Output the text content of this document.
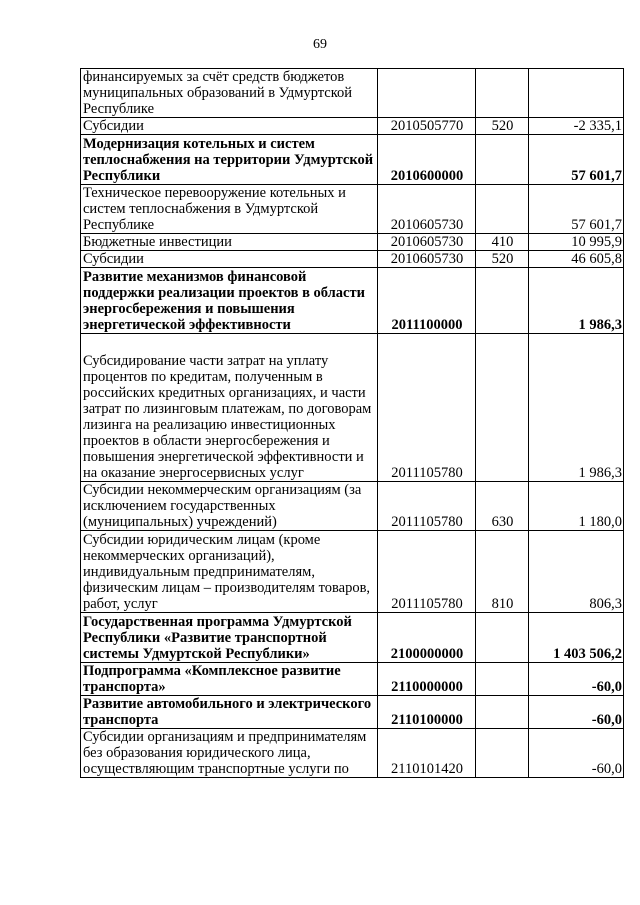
69
финансируемых за счёт средств бюджетов муниципальных образований в Удмуртской Республике			
Субсидии	2010505770	520	-2 335,1
Модернизация котельных и систем теплоснабжения на территории Удмуртской Республики	2010600000		57 601,7
Техническое перевооружение котельных и систем теплоснабжения в Удмуртской Республике	2010605730		57 601,7
Бюджетные инвестиции	2010605730	410	10 995,9
Субсидии	2010605730	520	46 605,8
Развитие механизмов финансовой поддержки реализации проектов в области энергосбережения и повышения энергетической эффективности	2011100000		1 986,3
Субсидирование части затрат на уплату процентов по кредитам, полученным в российских кредитных организациях, и части затрат по лизинговым платежам, по договорам лизинга на реализацию инвестиционных проектов в области энергосбережения и повышения энергетической эффективности и на оказание энергосервисных услуг	2011105780		1 986,3
Субсидии некоммерческим организациям (за исключением государственных (муниципальных) учреждений)	2011105780	630	1 180,0
Субсидии юридическим лицам (кроме некоммерческих организаций), индивидуальным предпринимателям, физическим лицам – производителям товаров, работ, услуг	2011105780	810	806,3
Государственная программа Удмуртской Республики «Развитие транспортной системы Удмуртской Республики»	2100000000		1 403 506,2
Подпрограмма «Комплексное развитие транспорта»	2110000000		-60,0
Развитие автомобильного и электрического транспорта	2110100000		-60,0
Субсидии организациям и предпринимателям без образования юридического лица, осуществляющим транспортные услуги по	2110101420		-60,0
